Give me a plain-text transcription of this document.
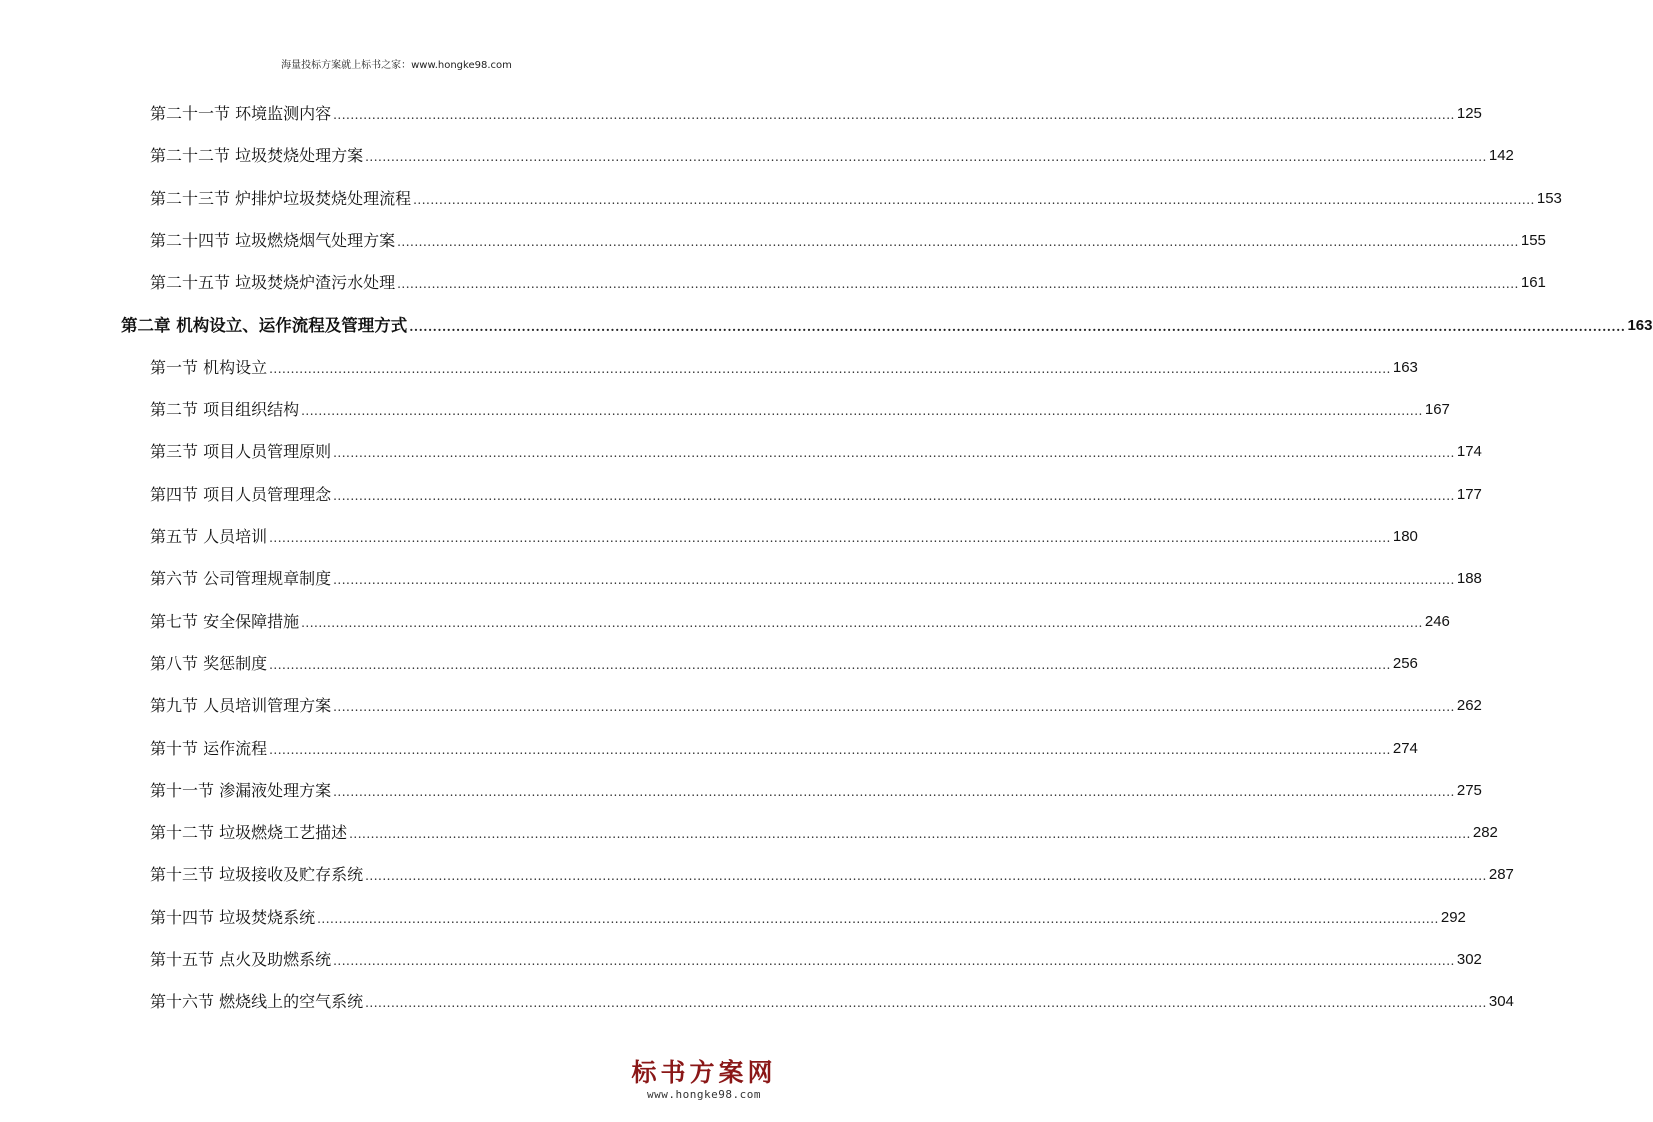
海量投标方案就上标书之家：www.hongke98.com
第二十一节 环境监测内容 .................................................................................................................................................................................................................................................................... 125
第二十二节 垃圾焚烧处理方案 .................................................................................................................................................................................................................................................................... 142
第二十三节 炉排炉垃圾焚烧处理流程 .................................................................................................................................................................................................................................................................... 153
第二十四节 垃圾燃烧烟气处理方案 .................................................................................................................................................................................................................................................................... 155
第二十五节 垃圾焚烧炉渣污水处理 .................................................................................................................................................................................................................................................................... 161
第二章 机构设立、运作流程及管理方式 .................................................................................................................................................................................................................................................................... 163
第一节 机构设立 .................................................................................................................................................................................................................................................................... 163
第二节 项目组织结构 .................................................................................................................................................................................................................................................................... 167
第三节 项目人员管理原则 .................................................................................................................................................................................................................................................................... 174
第四节 项目人员管理理念 .................................................................................................................................................................................................................................................................... 177
第五节 人员培训 .................................................................................................................................................................................................................................................................... 180
第六节 公司管理规章制度 .................................................................................................................................................................................................................................................................... 188
第七节 安全保障措施 .................................................................................................................................................................................................................................................................... 246
第八节 奖惩制度 .................................................................................................................................................................................................................................................................... 256
第九节 人员培训管理方案 .................................................................................................................................................................................................................................................................... 262
第十节 运作流程 .................................................................................................................................................................................................................................................................... 274
第十一节 渗漏液处理方案 .................................................................................................................................................................................................................................................................... 275
第十二节 垃圾燃烧工艺描述 .................................................................................................................................................................................................................................................................... 282
第十三节 垃圾接收及贮存系统 .................................................................................................................................................................................................................................................................... 287
第十四节 垃圾焚烧系统 .................................................................................................................................................................................................................................................................... 292
第十五节 点火及助燃系统 .................................................................................................................................................................................................................................................................... 302
第十六节 燃烧线上的空气系统 .................................................................................................................................................................................................................................................................... 304
标书方案网
www.hongke98.com
